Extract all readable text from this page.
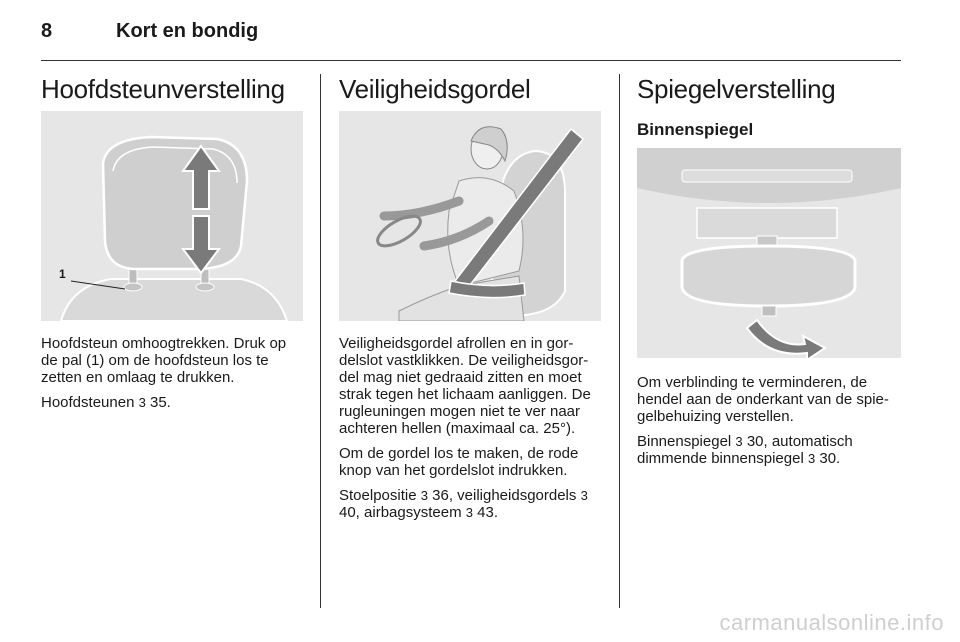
8	Kort en bondig
Hoofdsteunverstelling
1

Hoofdsteun omhoogtrekken. Druk op de pal (1) om de hoofdsteun los te zetten en omlaag te drukken.

Hoofdsteunen 3 35.

Veiligheidsgordel

Veiligheidsgordel afrollen en in gordelslot vastklikken. De veiligheidsgordel mag niet gedraaid zitten en moet strak tegen het lichaam aanliggen. De rugleuningen mogen niet te ver naar achteren hellen (maximaal ca. 25°).

Om de gordel los te maken, de rode knop van het gordelslot indrukken.

Stoelpositie 3 36, veiligheidsgordels 3 40, airbagsysteem 3 43.

Spiegelverstelling
Binnenspiegel

Om verblinding te verminderen, de hendel aan de onderkant van de spiegelbehuizing verstellen.

Binnenspiegel 3 30, automatisch dimmende binnenspiegel 3 30.

carmanualsonline.info
